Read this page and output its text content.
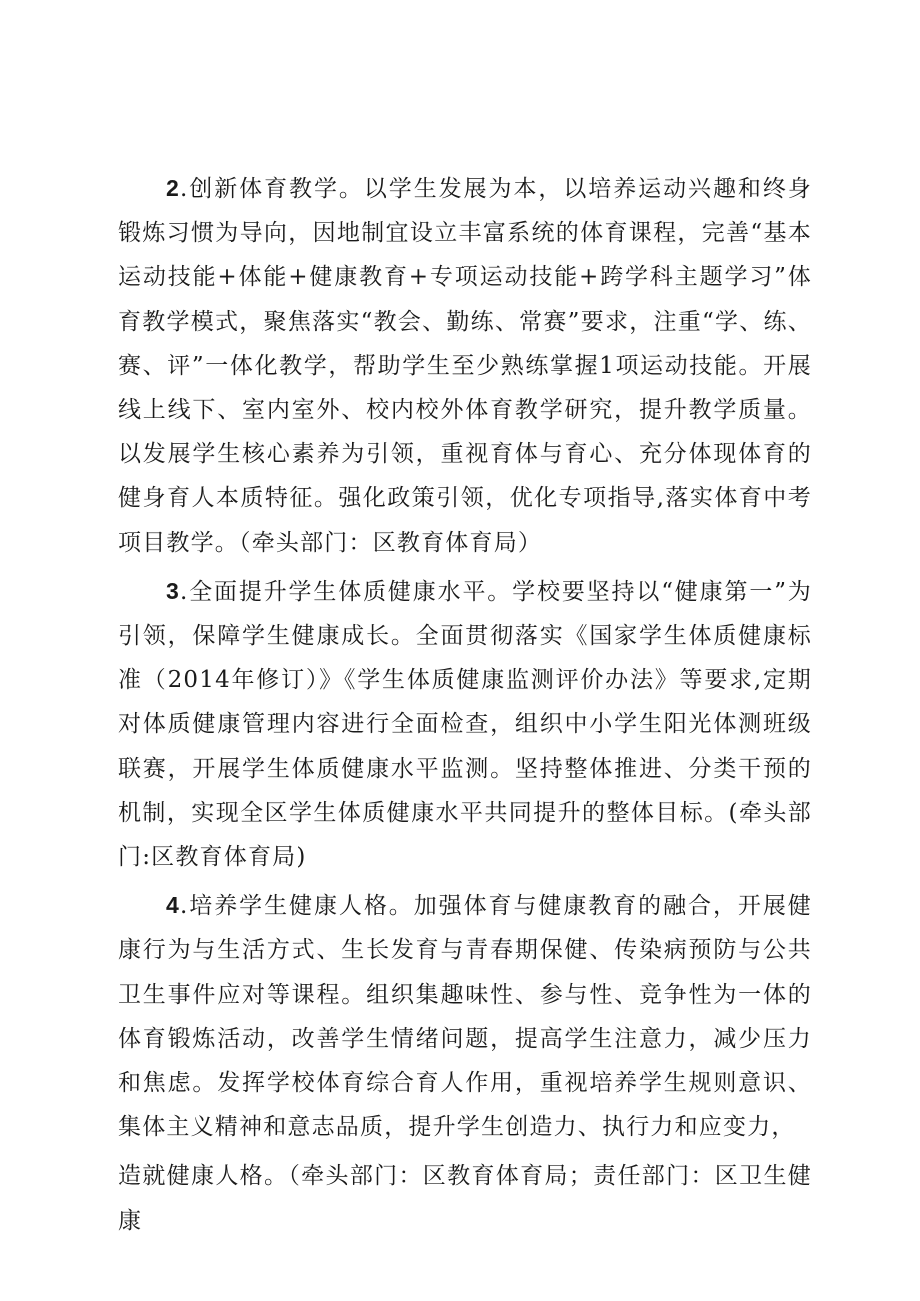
2.创新体育教学。以学生发展为本，以培养运动兴趣和终身锻炼习惯为导向，因地制宜设立丰富系统的体育课程，完善“基本运动技能+体能+健康教育+专项运动技能+跨学科主题学习”体育教学模式，聚焦落实“教会、勤练、常赛”要求，注重“学、练、赛、评”一体化教学，帮助学生至少熟练掌握1项运动技能。开展线上线下、室内室外、校内校外体育教学研究，提升教学质量。以发展学生核心素养为引领，重视育体与育心、充分体现体育的健身育人本质特征。强化政策引领，优化专项指导,落实体育中考项目教学。（牵头部门：区教育体育局）

3.全面提升学生体质健康水平。学校要坚持以“健康第一”为引领，保障学生健康成长。全面贯彻落实《国家学生体质健康标准（2014年修订）》《学生体质健康监测评价办法》等要求,定期对体质健康管理内容进行全面检查，组织中小学生阳光体测班级联赛，开展学生体质健康水平监测。坚持整体推进、分类干预的机制，实现全区学生体质健康水平共同提升的整体目标。(牵头部门:区教育体育局)

4.培养学生健康人格。加强体育与健康教育的融合，开展健康行为与生活方式、生长发育与青春期保健、传染病预防与公共卫生事件应对等课程。组织集趣味性、参与性、竞争性为一体的体育锻炼活动，改善学生情绪问题，提高学生注意力，减少压力和焦虑。发挥学校体育综合育人作用，重视培养学生规则意识、集体主义精神和意志品质，提升学生创造力、执行力和应变力，

造就健康人格。（牵头部门：区教育体育局；责任部门：区卫生健康
